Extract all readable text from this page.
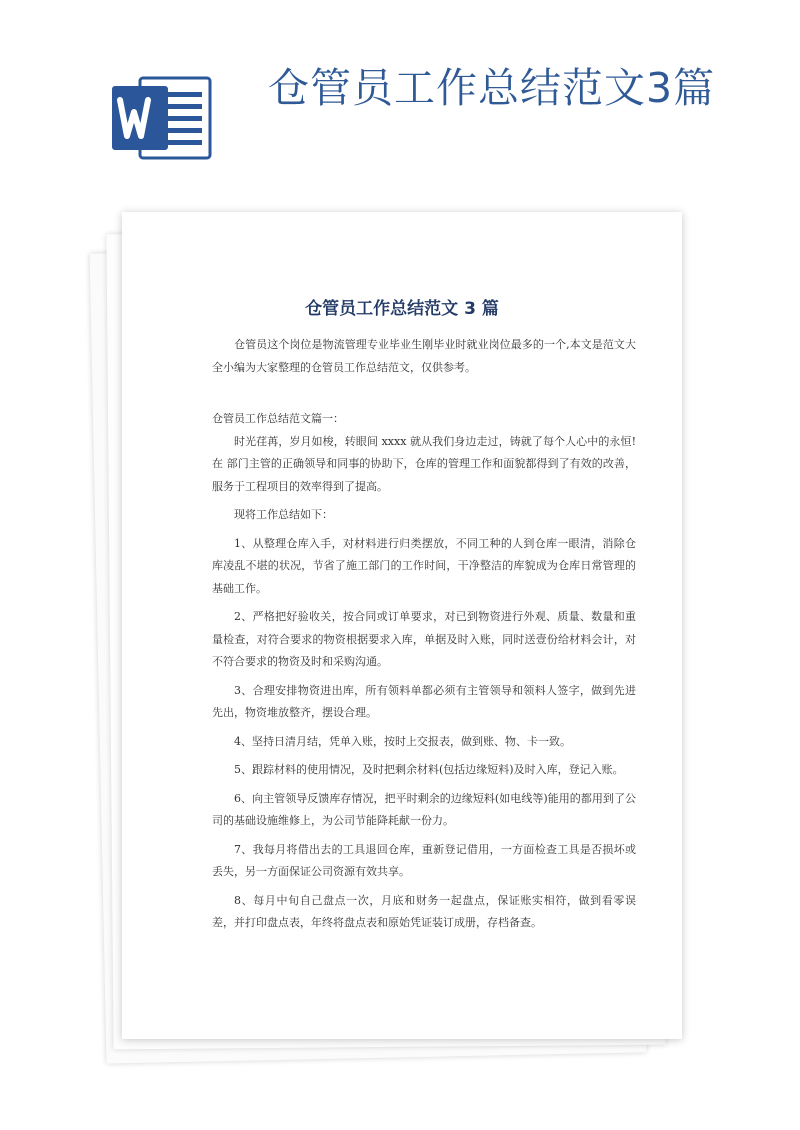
仓管员工作总结范文3篇
仓管员工作总结范文 3 篇

仓管员这个岗位是物流管理专业毕业生刚毕业时就业岗位最多的一个,本文是范文大全小编为大家整理的仓管员工作总结范文，仅供参考。

仓管员工作总结范文篇一：

时光荏苒，岁月如梭，转眼间 xxxx 就从我们身边走过，铸就了每个人心中的永恒!在 部门主管的正确领导和同事的协助下，仓库的管理工作和面貌都得到了有效的改善，服务于工程项目的效率得到了提高。

现将工作总结如下：

1、从整理仓库入手，对材料进行归类摆放，不同工种的人到仓库一眼清，消除仓库凌乱不堪的状况，节省了施工部门的工作时间，干净整洁的库貌成为仓库日常管理的基础工作。

2、严格把好验收关，按合同或订单要求，对已到物资进行外观、质量、数量和重量检查，对符合要求的物资根据要求入库，单据及时入账，同时送壹份给材料会计，对不符合要求的物资及时和采购沟通。

3、合理安排物资进出库，所有领料单都必须有主管领导和领料人签字，做到先进先出，物资堆放整齐，摆设合理。

4、坚持日清月结，凭单入账，按时上交报表，做到账、物、卡一致。

5、跟踪材料的使用情况，及时把剩余材料(包括边缘短料)及时入库，登记入账。

6、向主管领导反馈库存情况，把平时剩余的边缘短料(如电线等)能用的都用到了公司的基础设施维修上，为公司节能降耗献一份力。

7、我每月将借出去的工具退回仓库，重新登记借用，一方面检查工具是否损坏或丢失，另一方面保证公司资源有效共享。

8、每月中旬自己盘点一次，月底和财务一起盘点，保证账实相符，做到看零误差，并打印盘点表，年终将盘点表和原始凭证装订成册，存档备查。
